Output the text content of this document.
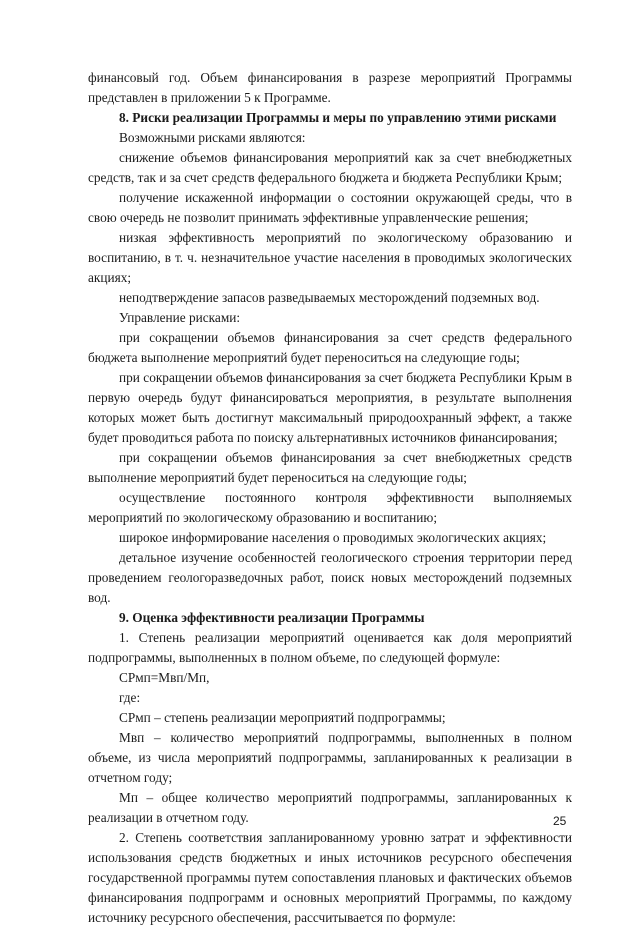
финансовый год. Объем финансирования в разрезе мероприятий Программы представлен в приложении 5 к Программе.

8. Риски реализации Программы и меры по управлению этими рисками

Возможными рисками являются:

снижение объемов финансирования мероприятий как за счет внебюджетных средств, так и за счет средств федерального бюджета и бюджета Республики Крым;

получение искаженной информации о состоянии окружающей среды, что в свою очередь не позволит принимать эффективные управленческие решения;

низкая эффективность мероприятий по экологическому образованию и воспитанию, в т. ч. незначительное участие населения в проводимых экологических акциях;

неподтверждение запасов разведываемых месторождений подземных вод.

Управление рисками:

при сокращении объемов финансирования за счет средств федерального бюджета выполнение мероприятий будет переноситься на следующие годы;

при сокращении объемов финансирования за счет бюджета Республики Крым в первую очередь будут финансироваться мероприятия, в результате выполнения которых может быть достигнут максимальный природоохранный эффект, а также будет проводиться работа по поиску альтернативных источников финансирования;

при сокращении объемов финансирования за счет внебюджетных средств выполнение мероприятий будет переноситься на следующие годы;

осуществление постоянного контроля эффективности выполняемых мероприятий по экологическому образованию и воспитанию;

широкое информирование населения о проводимых экологических акциях;

детальное изучение особенностей геологического строения территории перед проведением геологоразведочных работ, поиск новых месторождений подземных вод.

9. Оценка эффективности реализации Программы

1. Степень реализации мероприятий оценивается как доля мероприятий подпрограммы, выполненных в полном объеме, по следующей формуле:

СРмп=Мвп/Мп,

где:

СРмп – степень реализации мероприятий подпрограммы;

Мвп – количество мероприятий подпрограммы, выполненных в полном объеме, из числа мероприятий подпрограммы, запланированных к реализации в отчетном году;

Мп – общее количество мероприятий подпрограммы, запланированных к реализации в отчетном году.

2. Степень соответствия запланированному уровню затрат и эффективности использования средств бюджетных и иных источников ресурсного обеспечения государственной программы путем сопоставления плановых и фактических объемов финансирования подпрограмм и основных мероприятий Программы, по каждому источнику ресурсного обеспечения, рассчитывается по формуле:

25
